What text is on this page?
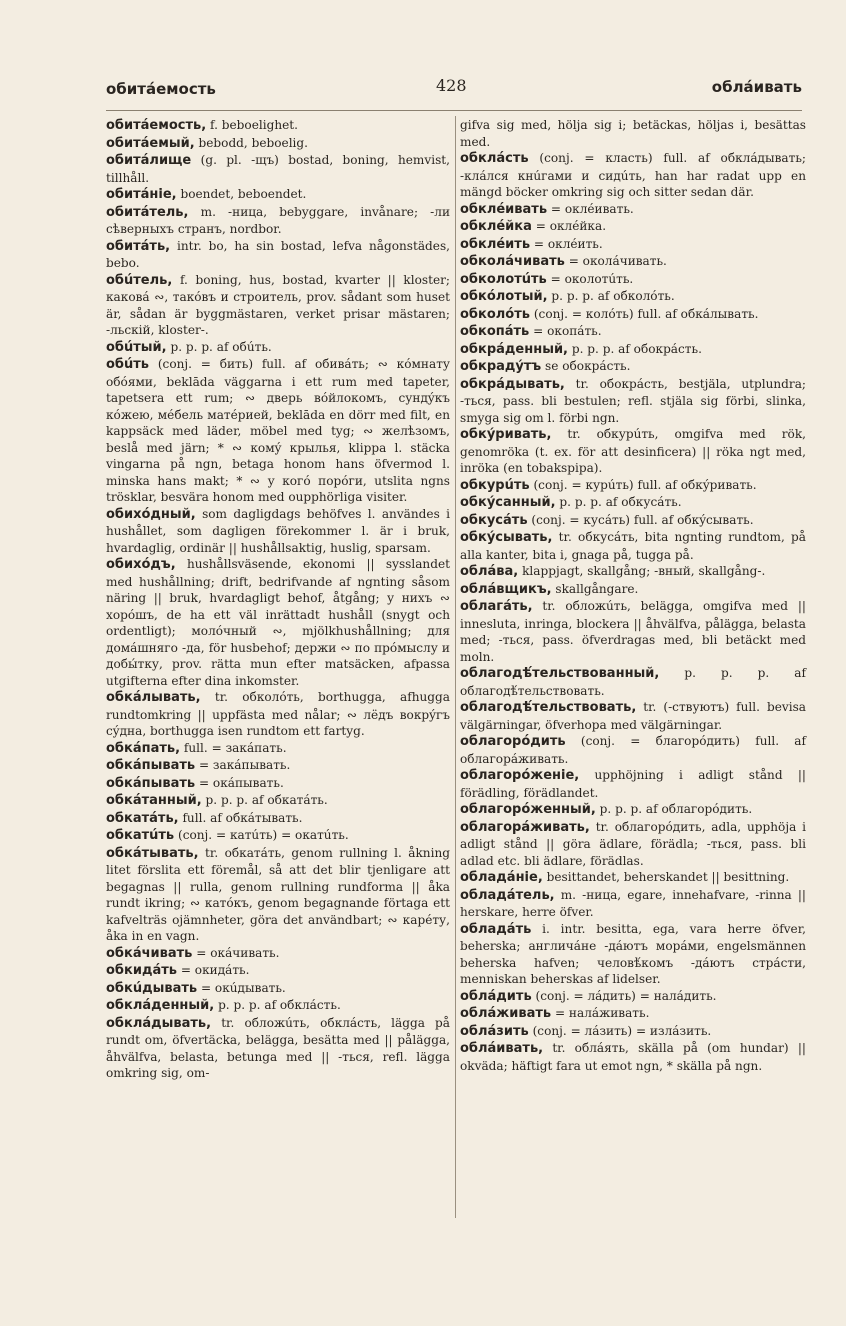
обитáемость	428	облáивать

обитáемость, f. beboelighet.

обитáемый, bebodd, beboelig.

обитáлище (g. pl. -щъ) bostad, boning, hemvist, tillhåll.

обитáніе, boendet, beboendet.

обитáтель, m. -ница, bebyggare, invånare; -ли сѣверныхъ странъ, nordbor.

обитáть, intr. bo, ha sin bostad, lefva någonstädes, bebo.

обúтель, f. boning, hus, bostad, kvarter || kloster; каковá ∾, такóвъ и строитель, prov. sådant som huset är, sådan är byggmästaren, verket prisar mästaren; -льскій, kloster-.

обúтый, p. p. p. af обúть.

обúть (conj. = бить) full. af обивáть; ∾ кóмнату обóями, beklāda väggarna i ett rum med tapeter, tapetsera ett rum; ∾ дверь вóйлокомъ, сундýкъ кóжею, мéбель матéрией, beklāda en dörr med filt, en kappsäck med läder, möbel med tyg; ∾ желѣзомъ, beslå med järn; * ∾ комý крылья, klippa l. stäcka vingarna på ngn, betaga honom hans öfvermod l. minska hans makt; * ∾ у когó порóги, utslita ngns trösklar, besvära honom med oupphörliga visiter.

обихóдный, som dagligdags behöfves l. användes i hushållet, som dagligen förekommer l. är i bruk, hvardaglig, ordinär || hushållsaktig, huslig, sparsam.

обихóдъ, hushållsväsende, ekonomi || sysslandet med hushållning; drift, bedrifvande af ngnting såsom näring || bruk, hvardagligt behof, åtgång; у нихъ ∾ хорóшъ, de ha ett väl inrättadt hushåll (snygt och ordentligt); молóчный ∾, mjölkhushållning; для домáшняго -да, för husbehof; держи ∾ по прóмыслу и добы́тку, prov. rätta mun efter matsäcken, afpassa utgifterna efter dina inkomster.

обкáлывать, tr. обколóть, borthugga, afhugga rundtomkring || uppfästa med nålar; ∾ лёдъ вокрýгъ сýдна, borthugga isen rundtom ett fartyg.

обкáпать, full. = закáпать.

обкáпывать = закáпывать.

обкáпывать = окáпывать.

обкáтанный, p. p. p. af обкатáть.

обкатáть, full. af обкáтывать.

обкатúть (conj. = катúть) = окатúть.

обкáтывать, tr. обкатáть, genom rullning l. åkning litet förslita ett föremål, så att det blir tjenligare att begagnas || rulla, genom rullning rundforma || åka rundt ikring; ∾ катóкъ, genom begagnande förtaga ett kafvelträs ojämnheter, göra det användbart; ∾ карéту, åka in en vagn.

обкáчивать = окáчивать.

обкидáть = окидáть.

обкúдывать = окúдывать.

обклáденный, p. p. p. af обклáсть.

обклáдывать, tr. обложúть, обклáсть, lägga på rundt om, öfvertäcka, belägga, besätta med || pålägga, åhvälfva, belasta, betunga med || -ться, refl. lägga omkring sig, om-

gifva sig med, hölja sig i; betäckas, höljas i, besättas med.

обклáсть (conj. = класть) full. af обклáдывать; -клáлся кнúгами и сидúть, han har radat upp en mängd böcker omkring sig och sitter sedan där.

обклéивать = оклéивать.

обклéйка = оклéйка.

обклéить = оклéить.

обколáчивать = околáчивать.

обколотúть = околотúть.

обкóлотый, p. p. p. af обколóть.

обколóть (conj. = колóть) full. af обкáлывать.

обкопáть = окопáть.

обкрáденный, p. p. p. af обокрáсть.

обкрадýтъ se обокрáсть.

обкрáдывать, tr. обокрáсть, bestjäla, utplundra; -ться, pass. bli bestulen; refl. stjäla sig förbi, slinka, smyga sig om l. förbi ngn.

обкýривать, tr. обкурúть, omgifva med rök, genomröka (t. ex. för att desinficera) || röka ngt med, inröka (en tobakspipa).

обкурúть (conj. = курúть) full. af обкýривать.

обкýсанный, p. p. p. af обкусáть.

обкусáть (conj. = кусáть) full. af обкýсывать.

обкýсывать, tr. обкусáть, bita ngnting rundtom, på alla kanter, bita i, gnaga på, tugga på.

облáва, klappjagt, skallgång; -вный, skallgång-.

облáвщикъ, skallgångare.

облагáть, tr. обложúть, belägga, omgifva med || innesluta, inringa, blockera || åhvälfva, pålägga, belasta med; -ться, pass. öfverdragas med, bli betäckt med moln.

облагодѣ́тельствованный, p. p. p. af облагодѣ́тельствовать.

облагодѣ́тельствовать, tr. (-ствуютъ) full. bevisa välgärningar, öfverhopa med välgärningar.

облагорóдить (conj. = благорóдить) full. af облагорáживать.

облагорóженіе, upphöjning i adligt stånd || förädling, förädlandet.

облагорóженный, p. p. p. af облагорóдить.

облагорáживать, tr. облагорóдить, adla, upphöja i adligt stånd || göra ädlare, förädla; -ться, pass. bli adlad etc. bli ädlare, förädlas.

обладáніе, besittandet, beherskandet || besittning.

обладáтель, m. -ница, egare, innehafvare, -rinna || herskare, herre öfver.

обладáть i. intr. besitta, ega, vara herre öfver, beherska; англичáне -дáютъ морáми, engelsmännen beherska hafven; человѣ́комъ -дáютъ стрáсти, menniskan beherskas af lidelser.

облáдить (conj. = лáдить) = налáдить.

облáживать = налáживать.

облáзить (conj. = лáзить) = излáзить.

облáивать, tr. облáять, skälla på (om hundar) || okväda; häftigt fara ut emot ngn, * skälla på ngn.
